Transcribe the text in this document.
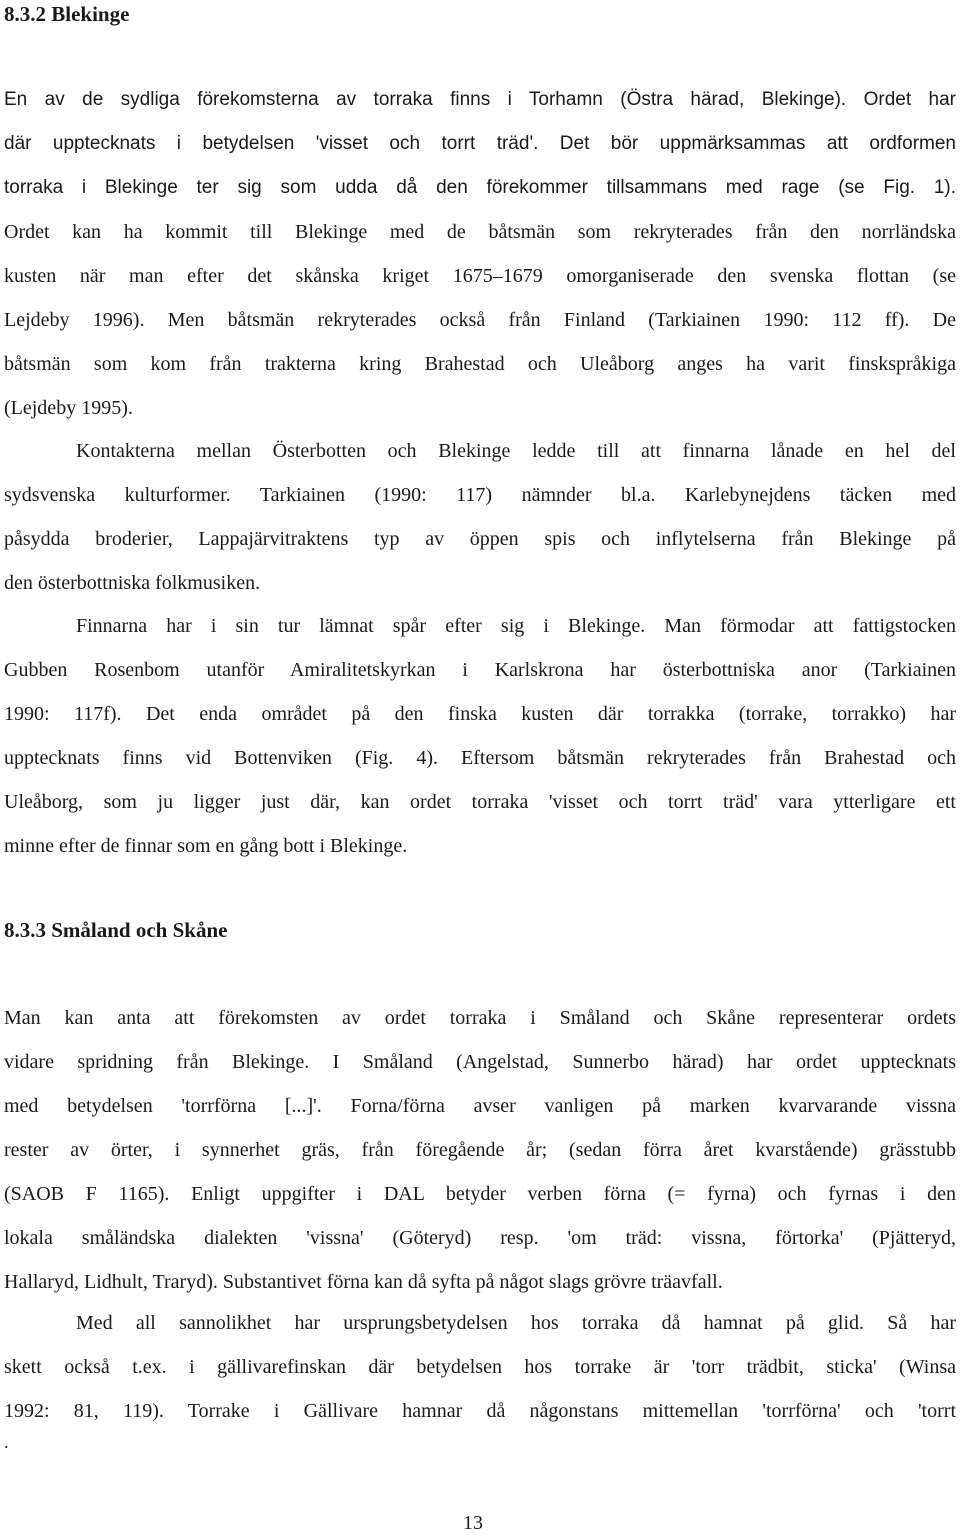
8.3.2 Blekinge

En av de sydliga förekomsterna av torraka finns i Torhamn (Östra härad, Blekinge). Ordet har
där upptecknats i betydelsen 'visset och torrt träd'. Det bör uppmärksammas att ordformen
torraka i Blekinge ter sig som udda då den förekommer tillsammans med rage (se Fig. 1).
Ordet kan ha kommit till Blekinge med de båtsmän som rekryterades från den norrländska
kusten när man efter det skånska kriget 1675–1679 omorganiserade den svenska flottan (se
Lejdeby 1996). Men båtsmän rekryterades också från Finland (Tarkiainen 1990: 112 ff). De
båtsmän som kom från trakterna kring Brahestad och Uleåborg anges ha varit finskspråkiga
(Lejdeby 1995).

Kontakterna mellan Österbotten och Blekinge ledde till att finnarna lånade en hel del
sydsvenska kulturformer. Tarkiainen (1990: 117) nämnder bl.a. Karlebynejdens täcken med
påsydda broderier, Lappajärvitraktens typ av öppen spis och inflytelserna från Blekinge på
den österbottniska folkmusiken.

Finnarna har i sin tur lämnat spår efter sig i Blekinge. Man förmodar att fattigstocken
Gubben Rosenbom utanför Amiralitetskyrkan i Karlskrona har österbottniska anor (Tarkiainen
1990: 117f). Det enda området på den finska kusten där torrakka (torrake, torrakko) har
upptecknats finns vid Bottenviken (Fig. 4). Eftersom båtsmän rekryterades från Brahestad och
Uleåborg, som ju ligger just där, kan ordet torraka 'visset och torrt träd' vara ytterligare ett
minne efter de finnar som en gång bott i Blekinge.

8.3.3 Småland och Skåne

Man kan anta att förekomsten av ordet torraka i Småland och Skåne representerar ordets
vidare spridning från Blekinge. I Småland (Angelstad, Sunnerbo härad) har ordet upptecknats
med betydelsen 'torrförna [...]'. Forna/förna avser vanligen på marken kvarvarande vissna
rester av örter, i synnerhet gräs, från föregående år; (sedan förra året kvarstående) grässtubb
(SAOB F 1165). Enligt uppgifter i DAL betyder verben förna (= fyrna) och fyrnas i den
lokala småländska dialekten 'vissna' (Göteryd) resp. 'om träd: vissna, förtorka' (Pjätteryd,
Hallaryd, Lidhult, Traryd). Substantivet förna kan då syfta på något slags grövre träavfall.

Med all sannolikhet har ursprungsbetydelsen hos torraka då hamnat på glid. Så har
skett också t.ex. i gällivarefinskan där betydelsen hos torrake är 'torr trädbit, sticka' (Winsa
1992: 81, 119). Torrake i Gällivare hamnar då någonstans mittemellan 'torrförna' och 'torrt

.
13
